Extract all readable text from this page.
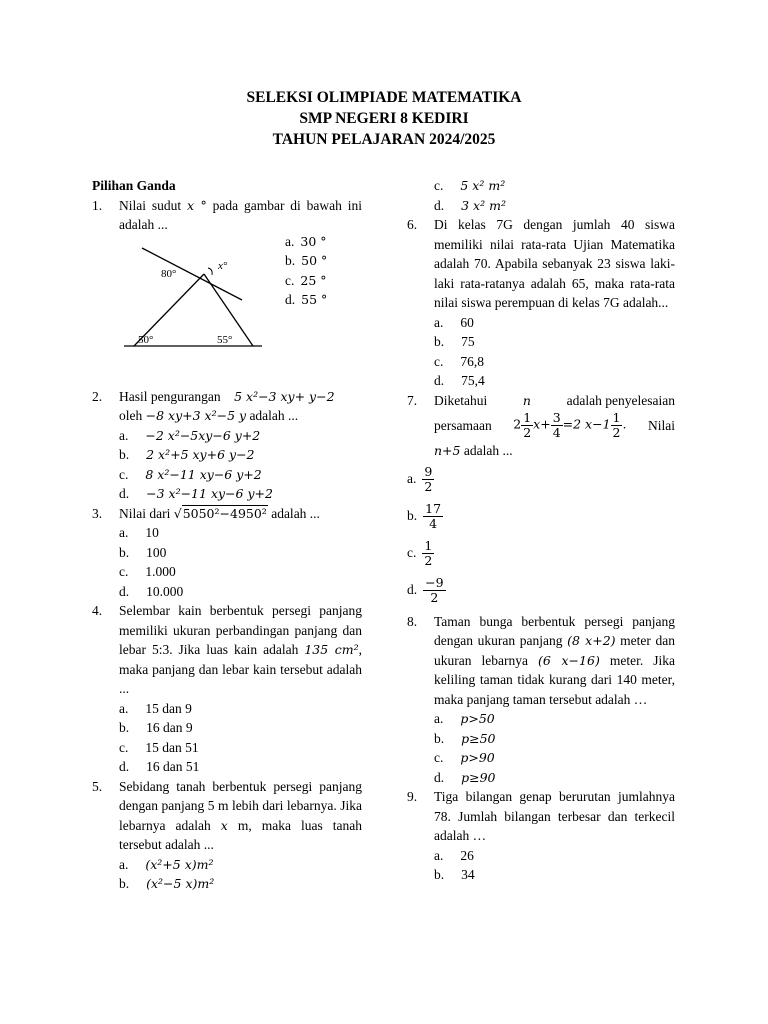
SELEKSI OLIMPIADE MATEMATIKA
SMP NEGERI 8 KEDIRI
TAHUN PELAJARAN 2024/2025
Pilihan Ganda
1. Nilai sudut x ° pada gambar di bawah ini adalah ...
80°
x°
50°	55°
a. 30 °
b. 50 °
c. 25 °
d. 55 °
2. Hasil pengurangan 5 x²−3 xy+ y−2
oleh −8 xy+3 x²−5 y adalah ...
a. −2 x²−5xy−6 y+2
b. 2 x²+5 xy+6 y−2
c. 8 x²−11 xy−6 y+2
d. −3 x²−11 xy−6 y+2
3. Nilai dari √5050²−4950² adalah ...
a. 10
b. 100
c. 1.000
d. 10.000
4. Selembar kain berbentuk persegi panjang memiliki ukuran perbandingan panjang dan lebar 5:3. Jika luas kain adalah 135 cm², maka panjang dan lebar kain tersebut adalah ...
a. 15 dan 9
b. 16 dan 9
c. 15 dan 51
d. 16 dan 51
5. Sebidang tanah berbentuk persegi panjang dengan panjang 5 m lebih dari lebarnya. Jika lebarnya adalah x m, maka luas tanah tersebut adalah ...
a. (x²+5 x)m²
b. (x²−5 x)m²
c. 5 x² m²
d. 3 x² m²
6. Di kelas 7G dengan jumlah 40 siswa memiliki nilai rata-rata Ujian Matematika adalah 70. Apabila sebanyak 23 siswa laki-laki rata-ratanya adalah 65, maka rata-rata nilai siswa perempuan di kelas 7G adalah...
a. 60
b. 75
c. 76,8
d. 75,4
7. Diketahui	n	adalah penyelesaian
persamaan $2 \frac{1}{2} x+ \frac{3}{4} =2$ $x-1 \frac{1}{2}$ . Nilai
n+5 adalah ...
a. $\frac{9}{2}$
b. $\frac{17}{4}$
c. $\frac{1}{2}$
d. $\frac{-9}{2}$
8. Taman bunga berbentuk persegi panjang dengan ukuran panjang (8 x+2) meter dan ukuran lebarnya (6 x−16) meter. Jika keliling taman tidak kurang dari 140 meter, maka panjang taman tersebut adalah …
a. p>50
b. p≥50
c. p>90
d. p≥90
9. Tiga bilangan genap berurutan jumlahnya 78. Jumlah bilangan terbesar dan terkecil adalah …
a. 26
b. 34
